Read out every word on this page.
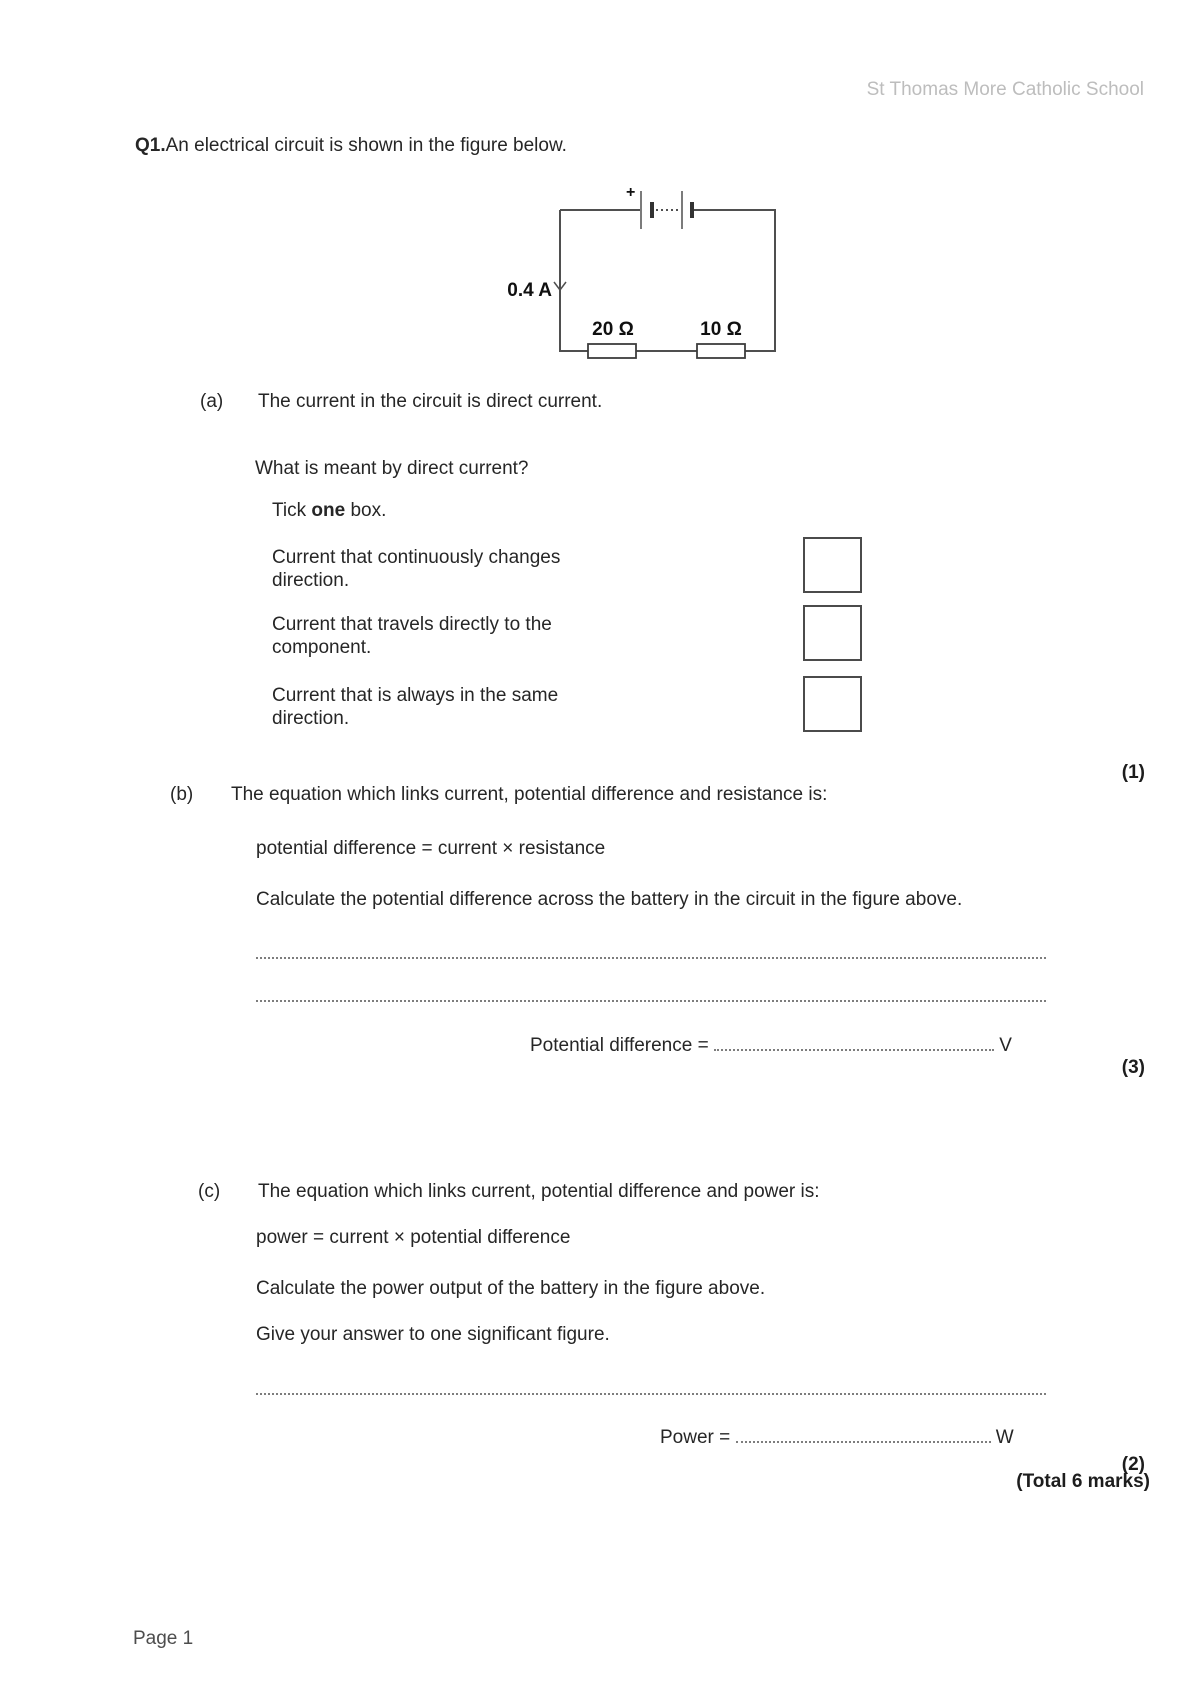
St Thomas More Catholic School
Q1.An electrical circuit is shown in the figure below.
+
0.4 A
20 Ω	10 Ω
(a) The current in the circuit is direct current.
What is meant by direct current?
Tick one box.
Current that continuously changes
direction.
Current that travels directly to the
component.
Current that is always in the same
direction.
(1)
(b) The equation which links current, potential difference and resistance is:
potential difference = current × resistance
Calculate the potential difference across the battery in the circuit in the figure above.
Potential difference =	V
(3)
(c) The equation which links current, potential difference and power is:
power = current × potential difference
Calculate the power output of the battery in the figure above.
Give your answer to one significant figure.
Power =	W
(2)
(Total 6 marks)
Page 1
